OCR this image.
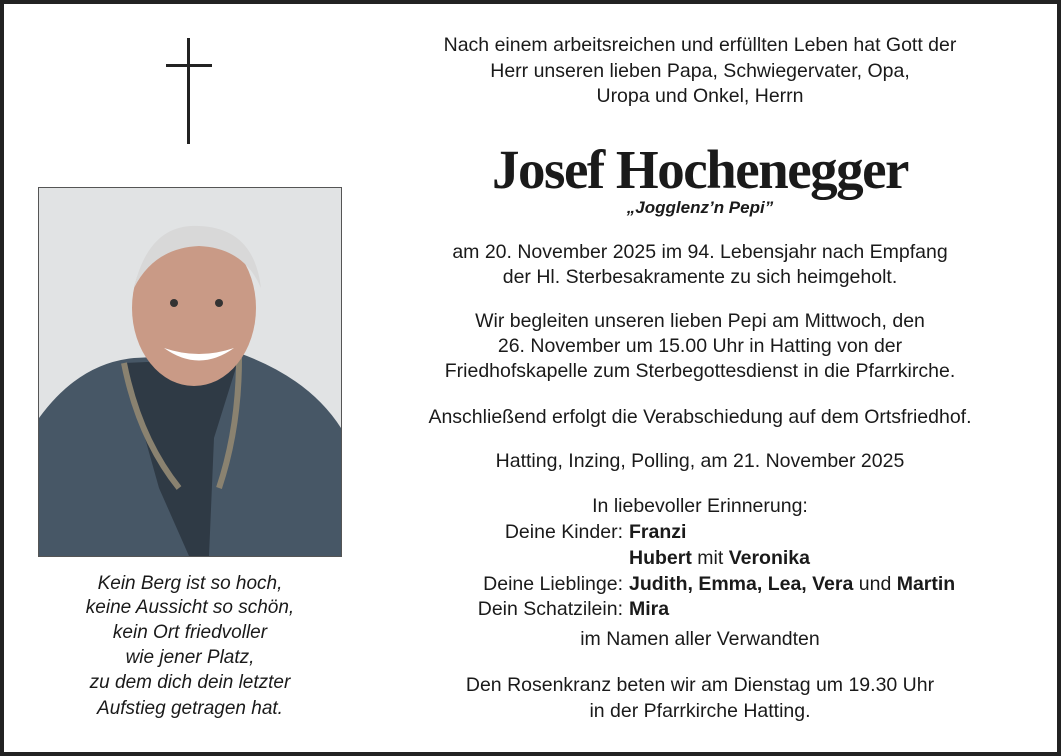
Kein Berg ist so hoch,
keine Aussicht so schön,
kein Ort friedvoller
wie jener Platz,
zu dem dich dein letzter
Aufstieg getragen hat.
Nach einem arbeitsreichen und erfüllten Leben hat Gott der
Herr unseren lieben Papa, Schwiegervater, Opa,
Uropa und Onkel, Herrn
Josef Hochenegger
„Jogglenz’n Pepi”
am 20. November 2025 im 94. Lebensjahr nach Empfang
der Hl. Sterbesakramente zu sich heimgeholt.
Wir begleiten unseren lieben Pepi am Mittwoch, den
26. November um 15.00 Uhr in Hatting von der
Friedhofskapelle zum Sterbegottesdienst in die Pfarrkirche.
Anschließend erfolgt die Verabschiedung auf dem Ortsfriedhof.
Hatting, Inzing, Polling, am 21. November 2025
In liebevoller Erinnerung:
Deine Kinder: Franzi
Hubert mit Veronika
Deine Lieblinge: Judith, Emma, Lea, Vera und Martin
Dein Schatzilein: Mira
im Namen aller Verwandten
Den Rosenkranz beten wir am Dienstag um 19.30 Uhr
in der Pfarrkirche Hatting.
